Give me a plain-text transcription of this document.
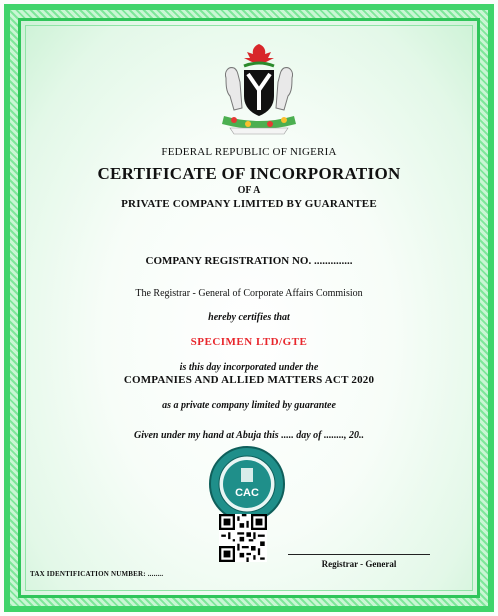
FEDERAL REPUBLIC OF NIGERIA
CERTIFICATE OF INCORPORATION
OF A
PRIVATE COMPANY LIMITED BY GUARANTEE
COMPANY REGISTRATION NO. ..............
The Registrar - General of Corporate Affairs Commision
hereby certifies that
SPECIMEN LTD/GTE
is this day incorporated under the
COMPANIES AND ALLIED MATTERS ACT 2020
as a private company limited by guarantee
Given under my hand at Abuja this ..... day of ........, 20..
CAC
Registrar - General
TAX IDENTIFICATION NUMBER: ........
